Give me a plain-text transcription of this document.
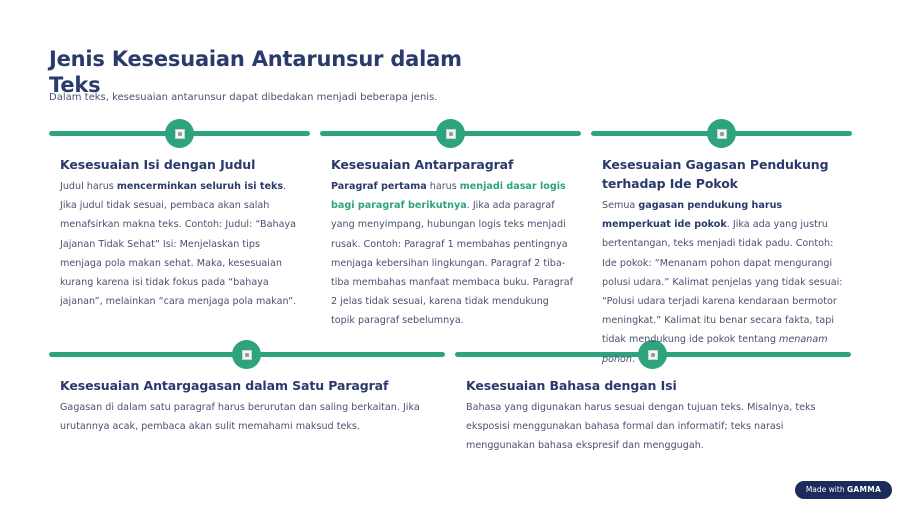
Jenis Kesesuaian Antarunsur dalam Teks
Dalam teks, kesesuaian antarunsur dapat dibedakan menjadi beberapa jenis.
Kesesuaian Isi dengan Judul

Judul harus mencerminkan seluruh isi teks. Jika judul tidak sesuai, pembaca akan salah menafsirkan makna teks. Contoh: Judul: “Bahaya Jajanan Tidak Sehat” Isi: Menjelaskan tips menjaga pola makan sehat. Maka, kesesuaian kurang karena isi tidak fokus pada “bahaya jajanan”, melainkan “cara menjaga pola makan”.

Kesesuaian Antarparagraf

Paragraf pertama harus menjadi dasar logis bagi paragraf berikutnya. Jika ada paragraf yang menyimpang, hubungan logis teks menjadi rusak. Contoh: Paragraf 1 membahas pentingnya menjaga kebersihan lingkungan. Paragraf 2 tiba-tiba membahas manfaat membaca buku. Paragraf 2 jelas tidak sesuai, karena tidak mendukung topik paragraf sebelumnya.

Kesesuaian Gagasan Pendukung terhadap Ide Pokok

Semua gagasan pendukung harus memperkuat ide pokok. Jika ada yang justru bertentangan, teks menjadi tidak padu. Contoh: Ide pokok: “Menanam pohon dapat mengurangi polusi udara.” Kalimat penjelas yang tidak sesuai: “Polusi udara terjadi karena kendaraan bermotor meningkat.” Kalimat itu benar secara fakta, tapi tidak mendukung ide pokok tentang menanam pohon.

Kesesuaian Antargagasan dalam Satu Paragraf

Gagasan di dalam satu paragraf harus berurutan dan saling berkaitan. Jika urutannya acak, pembaca akan sulit memahami maksud teks.

Kesesuaian Bahasa dengan Isi

Bahasa yang digunakan harus sesuai dengan tujuan teks. Misalnya, teks eksposisi menggunakan bahasa formal dan informatif; teks narasi menggunakan bahasa ekspresif dan menggugah.

Made with GAMMA
